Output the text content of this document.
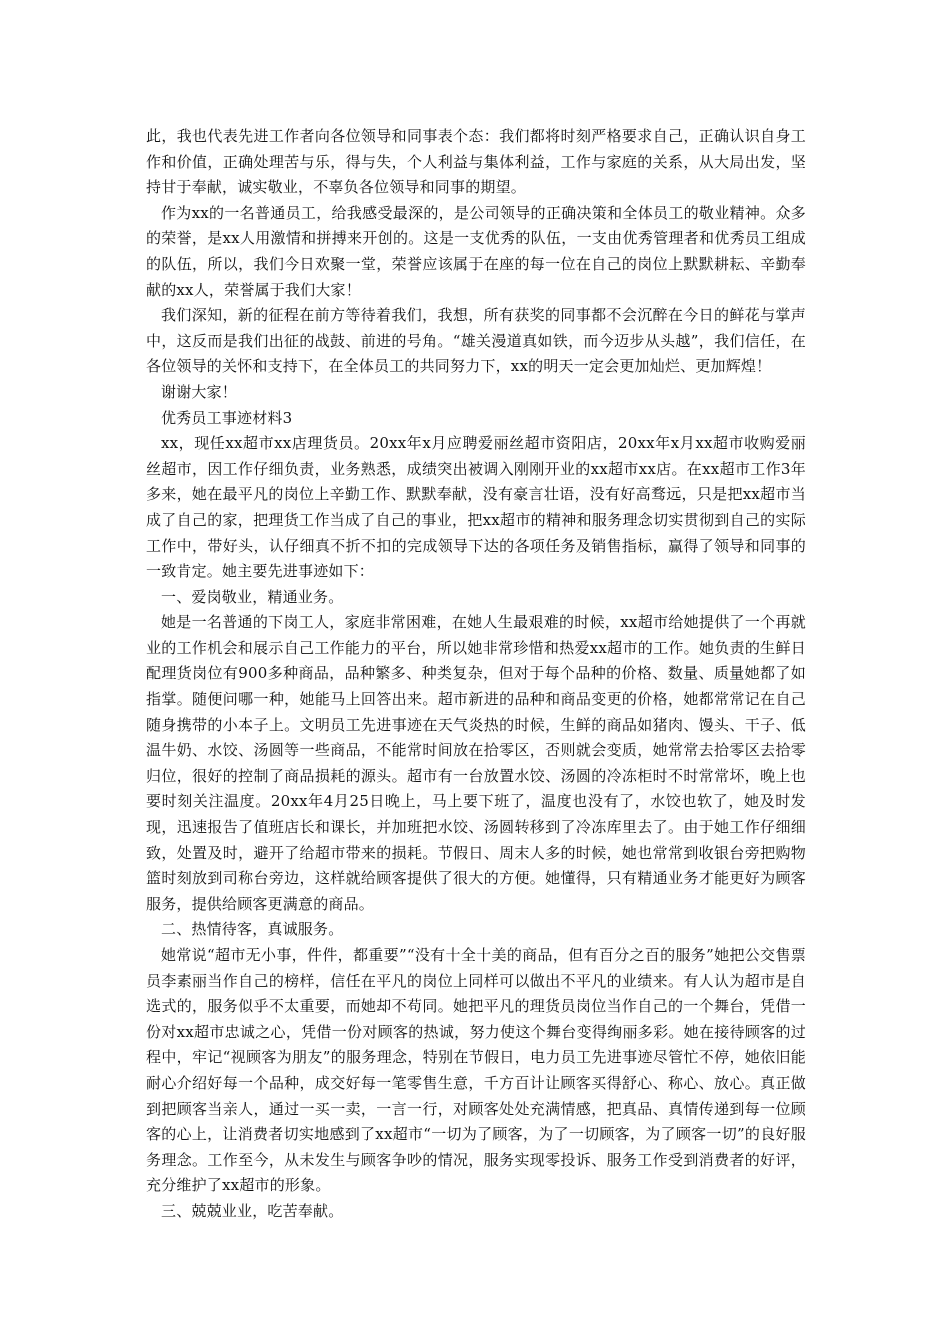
此，我也代表先进工作者向各位领导和同事表个态：我们都将时刻严格要求自己，正确认识自身工作和价值，正确处理苦与乐，得与失，个人利益与集体利益，工作与家庭的关系，从大局出发，坚持甘于奉献，诚实敬业，不辜负各位领导和同事的期望。

作为xx的一名普通员工，给我感受最深的，是公司领导的正确决策和全体员工的敬业精神。众多的荣誉，是xx人用激情和拼搏来开创的。这是一支优秀的队伍，一支由优秀管理者和优秀员工组成的队伍，所以，我们今日欢聚一堂，荣誉应该属于在座的每一位在自己的岗位上默默耕耘、辛勤奉献的xx人，荣誉属于我们大家！

我们深知，新的征程在前方等待着我们，我想，所有获奖的同事都不会沉醉在今日的鲜花与掌声中，这反而是我们出征的战鼓、前进的号角。“雄关漫道真如铁，而今迈步从头越”，我们信任，在各位领导的关怀和支持下，在全体员工的共同努力下，xx的明天一定会更加灿烂、更加辉煌！

谢谢大家！

优秀员工事迹材料3

xx，现任xx超市xx店理货员。20xx年x月应聘爱丽丝超市资阳店，20xx年x月xx超市收购爱丽丝超市，因工作仔细负责，业务熟悉，成绩突出被调入刚刚开业的xx超市xx店。在xx超市工作3年多来，她在最平凡的岗位上辛勤工作、默默奉献，没有豪言壮语，没有好高骛远，只是把xx超市当成了自己的家，把理货工作当成了自己的事业，把xx超市的精神和服务理念切实贯彻到自己的实际工作中，带好头，认仔细真不折不扣的完成领导下达的各项任务及销售指标，赢得了领导和同事的一致肯定。她主要先进事迹如下：

一、爱岗敬业，精通业务。

她是一名普通的下岗工人，家庭非常困难，在她人生最艰难的时候，xx超市给她提供了一个再就业的工作机会和展示自己工作能力的平台，所以她非常珍惜和热爱xx超市的工作。她负责的生鲜日配理货岗位有900多种商品，品种繁多、种类复杂，但对于每个品种的价格、数量、质量她都了如指掌。随便问哪一种，她能马上回答出来。超市新进的品种和商品变更的价格，她都常常记在自己随身携带的小本子上。文明员工先进事迹在天气炎热的时候，生鲜的商品如猪肉、馒头、干子、低温牛奶、水饺、汤圆等一些商品，不能常时间放在拾零区，否则就会变质，她常常去拾零区去拾零归位，很好的控制了商品损耗的源头。超市有一台放置水饺、汤圆的冷冻柜时不时常常坏，晚上也要时刻关注温度。20xx年4月25日晚上，马上要下班了，温度也没有了，水饺也软了，她及时发现，迅速报告了值班店长和课长，并加班把水饺、汤圆转移到了冷冻库里去了。由于她工作仔细细致，处置及时，避开了给超市带来的损耗。节假日、周末人多的时候，她也常常到收银台旁把购物篮时刻放到司称台旁边，这样就给顾客提供了很大的方便。她懂得，只有精通业务才能更好为顾客服务，提供给顾客更满意的商品。

二、热情待客，真诚服务。

她常说“超市无小事，件件，都重要”“没有十全十美的商品，但有百分之百的服务”她把公交售票员李素丽当作自己的榜样，信任在平凡的岗位上同样可以做出不平凡的业绩来。有人认为超市是自选式的，服务似乎不太重要，而她却不苟同。她把平凡的理货员岗位当作自己的一个舞台，凭借一份对xx超市忠诚之心，凭借一份对顾客的热诚，努力使这个舞台变得绚丽多彩。她在接待顾客的过程中，牢记“视顾客为朋友”的服务理念，特别在节假日，电力员工先进事迹尽管忙不停，她依旧能耐心介绍好每一个品种，成交好每一笔零售生意，千方百计让顾客买得舒心、称心、放心。真正做到把顾客当亲人，通过一买一卖，一言一行，对顾客处处充满情感，把真品、真情传递到每一位顾客的心上，让消费者切实地感到了xx超市“一切为了顾客，为了一切顾客，为了顾客一切”的良好服务理念。工作至今，从未发生与顾客争吵的情况，服务实现零投诉、服务工作受到消费者的好评，充分维护了xx超市的形象。

三、兢兢业业，吃苦奉献。
